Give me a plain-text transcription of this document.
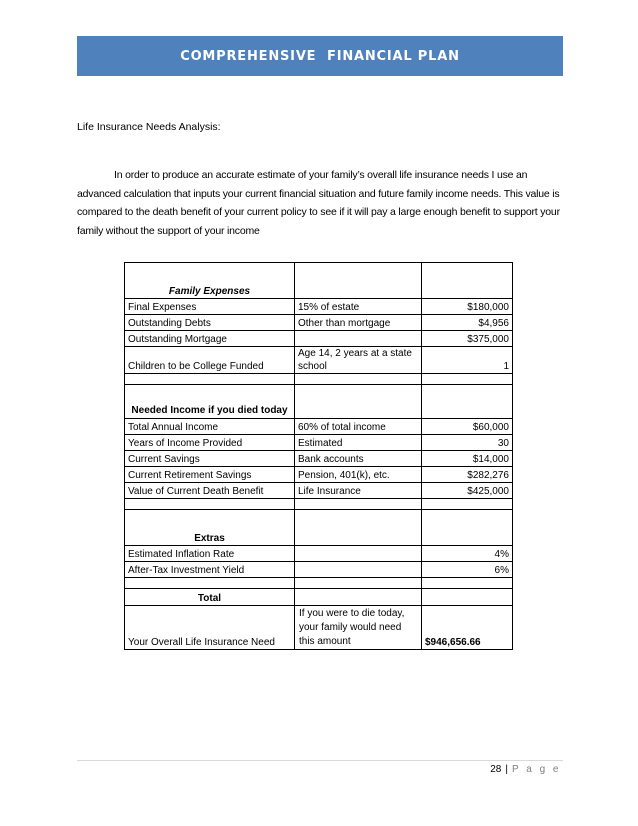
COMPREHENSIVE  FINANCIAL PLAN
Life Insurance Needs Analysis:
In order to produce an accurate estimate of your family’s overall life insurance needs I use an advanced calculation that inputs your current financial situation and future family income needs. This value is compared to the death benefit of your current policy to see if it will pay a large enough benefit to support your family without the support of your income
Family Expenses		
Final Expenses	15% of estate	$180,000
Outstanding Debts	Other than mortgage	$4,956
Outstanding Mortgage		$375,000
Children to be College Funded	Age 14, 2 years at a state school	1

Needed Income if you died today		
Total Annual Income	60% of total income	$60,000
Years of Income Provided	Estimated	30
Current Savings	Bank accounts	$14,000
Current Retirement Savings	Pension, 401(k), etc.	$282,276
Value of Current Death Benefit	Life Insurance	$425,000

Extras		
Estimated Inflation Rate		4%
After-Tax Investment Yield		6%

Total		
Your Overall Life Insurance Need	If you were to die today, your family would need this amount	$946,656.66
28 | P a g e
